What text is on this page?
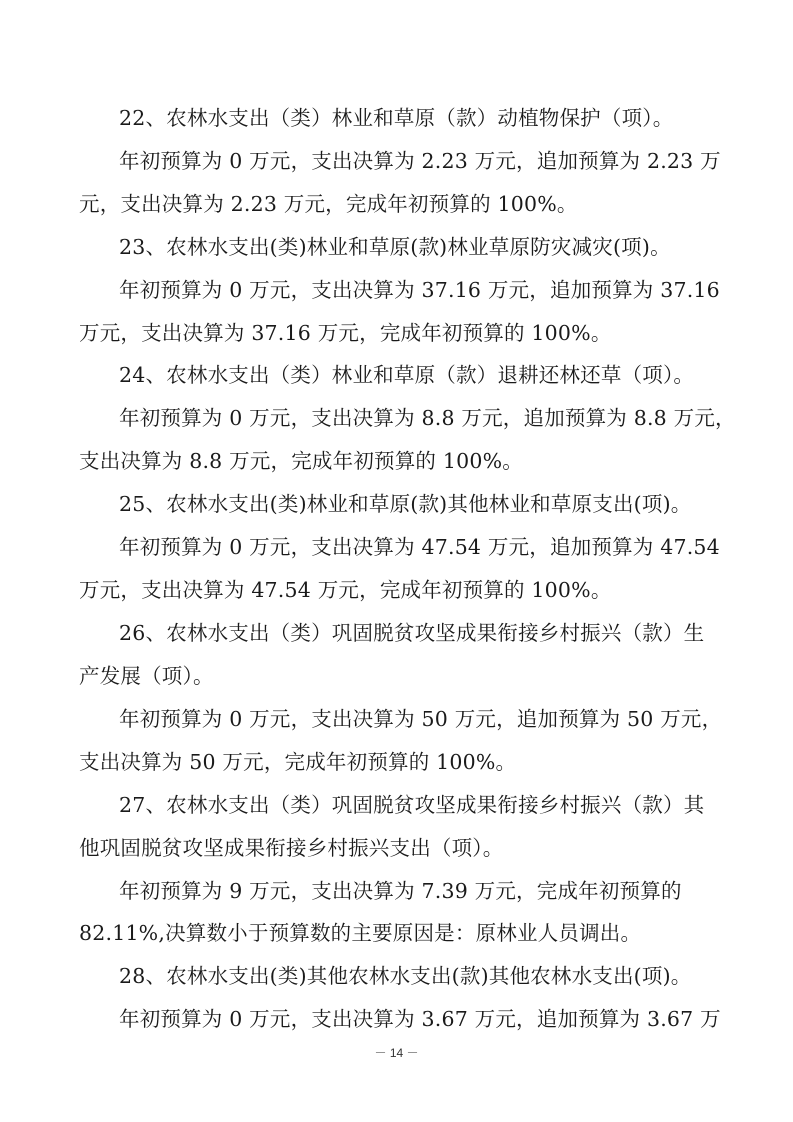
22、农林水支出（类）林业和草原（款）动植物保护（项）。
年初预算为 0 万元，支出决算为 2.23 万元，追加预算为 2.23 万
元，支出决算为 2.23 万元，完成年初预算的 100%。
23、农林水支出(类)林业和草原(款)林业草原防灾减灾(项)。
年初预算为 0 万元，支出决算为 37.16 万元，追加预算为 37.16
万元，支出决算为 37.16 万元，完成年初预算的 100%。
24、农林水支出（类）林业和草原（款）退耕还林还草（项）。
年初预算为 0 万元，支出决算为 8.8 万元，追加预算为 8.8 万元，
支出决算为 8.8 万元，完成年初预算的 100%。
25、农林水支出(类)林业和草原(款)其他林业和草原支出(项)。
年初预算为 0 万元，支出决算为 47.54 万元，追加预算为 47.54
万元，支出决算为 47.54 万元，完成年初预算的 100%。
26、农林水支出（类）巩固脱贫攻坚成果衔接乡村振兴（款）生
产发展（项）。
年初预算为 0 万元，支出决算为 50 万元，追加预算为 50 万元，
支出决算为 50 万元，完成年初预算的 100%。
27、农林水支出（类）巩固脱贫攻坚成果衔接乡村振兴（款）其
他巩固脱贫攻坚成果衔接乡村振兴支出（项）。
年初预算为 9 万元，支出决算为 7.39 万元，完成年初预算的
82.11%,决算数小于预算数的主要原因是：原林业人员调出。
28、农林水支出(类)其他农林水支出(款)其他农林水支出(项)。
年初预算为 0 万元，支出决算为 3.67 万元，追加预算为 3.67 万
－ 14 －
